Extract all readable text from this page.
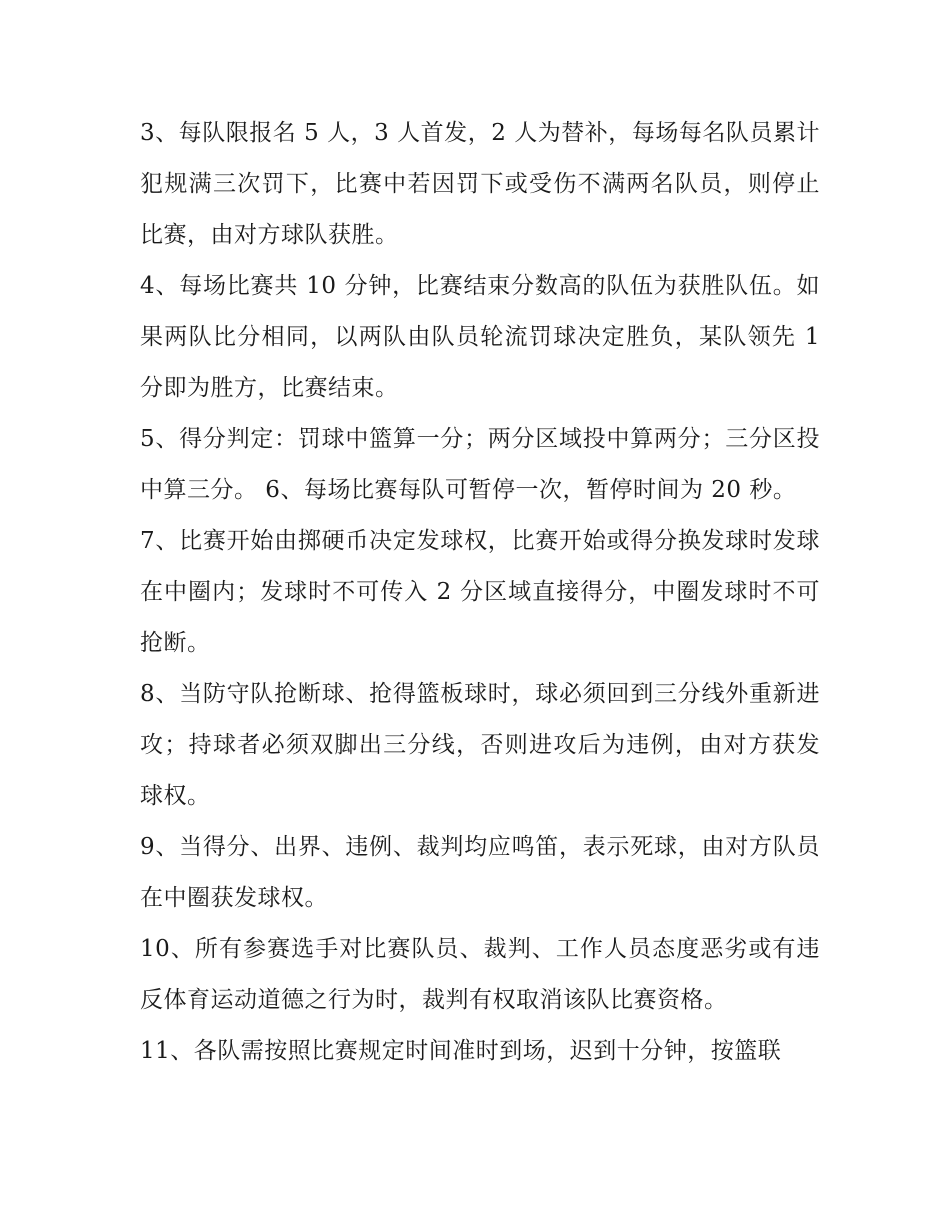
3、每队限报名 5 人，3 人首发，2 人为替补，每场每名队员累计犯规满三次罚下，比赛中若因罚下或受伤不满两名队员，则停止比赛，由对方球队获胜。

4、每场比赛共 10 分钟，比赛结束分数高的队伍为获胜队伍。如果两队比分相同，以两队由队员轮流罚球决定胜负，某队领先 1 分即为胜方，比赛结束。

5、得分判定：罚球中篮算一分；两分区域投中算两分；三分区投中算三分。 6、每场比赛每队可暂停一次，暂停时间为 20 秒。

7、比赛开始由掷硬币决定发球权，比赛开始或得分换发球时发球在中圈内；发球时不可传入 2 分区域直接得分，中圈发球时不可抢断。

8、当防守队抢断球、抢得篮板球时，球必须回到三分线外重新进攻；持球者必须双脚出三分线，否则进攻后为违例，由对方获发球权。

9、当得分、出界、违例、裁判均应鸣笛，表示死球，由对方队员在中圈获发球权。

10、所有参赛选手对比赛队员、裁判、工作人员态度恶劣或有违反体育运动道德之行为时，裁判有权取消该队比赛资格。

11、各队需按照比赛规定时间准时到场，迟到十分钟，按篮联
